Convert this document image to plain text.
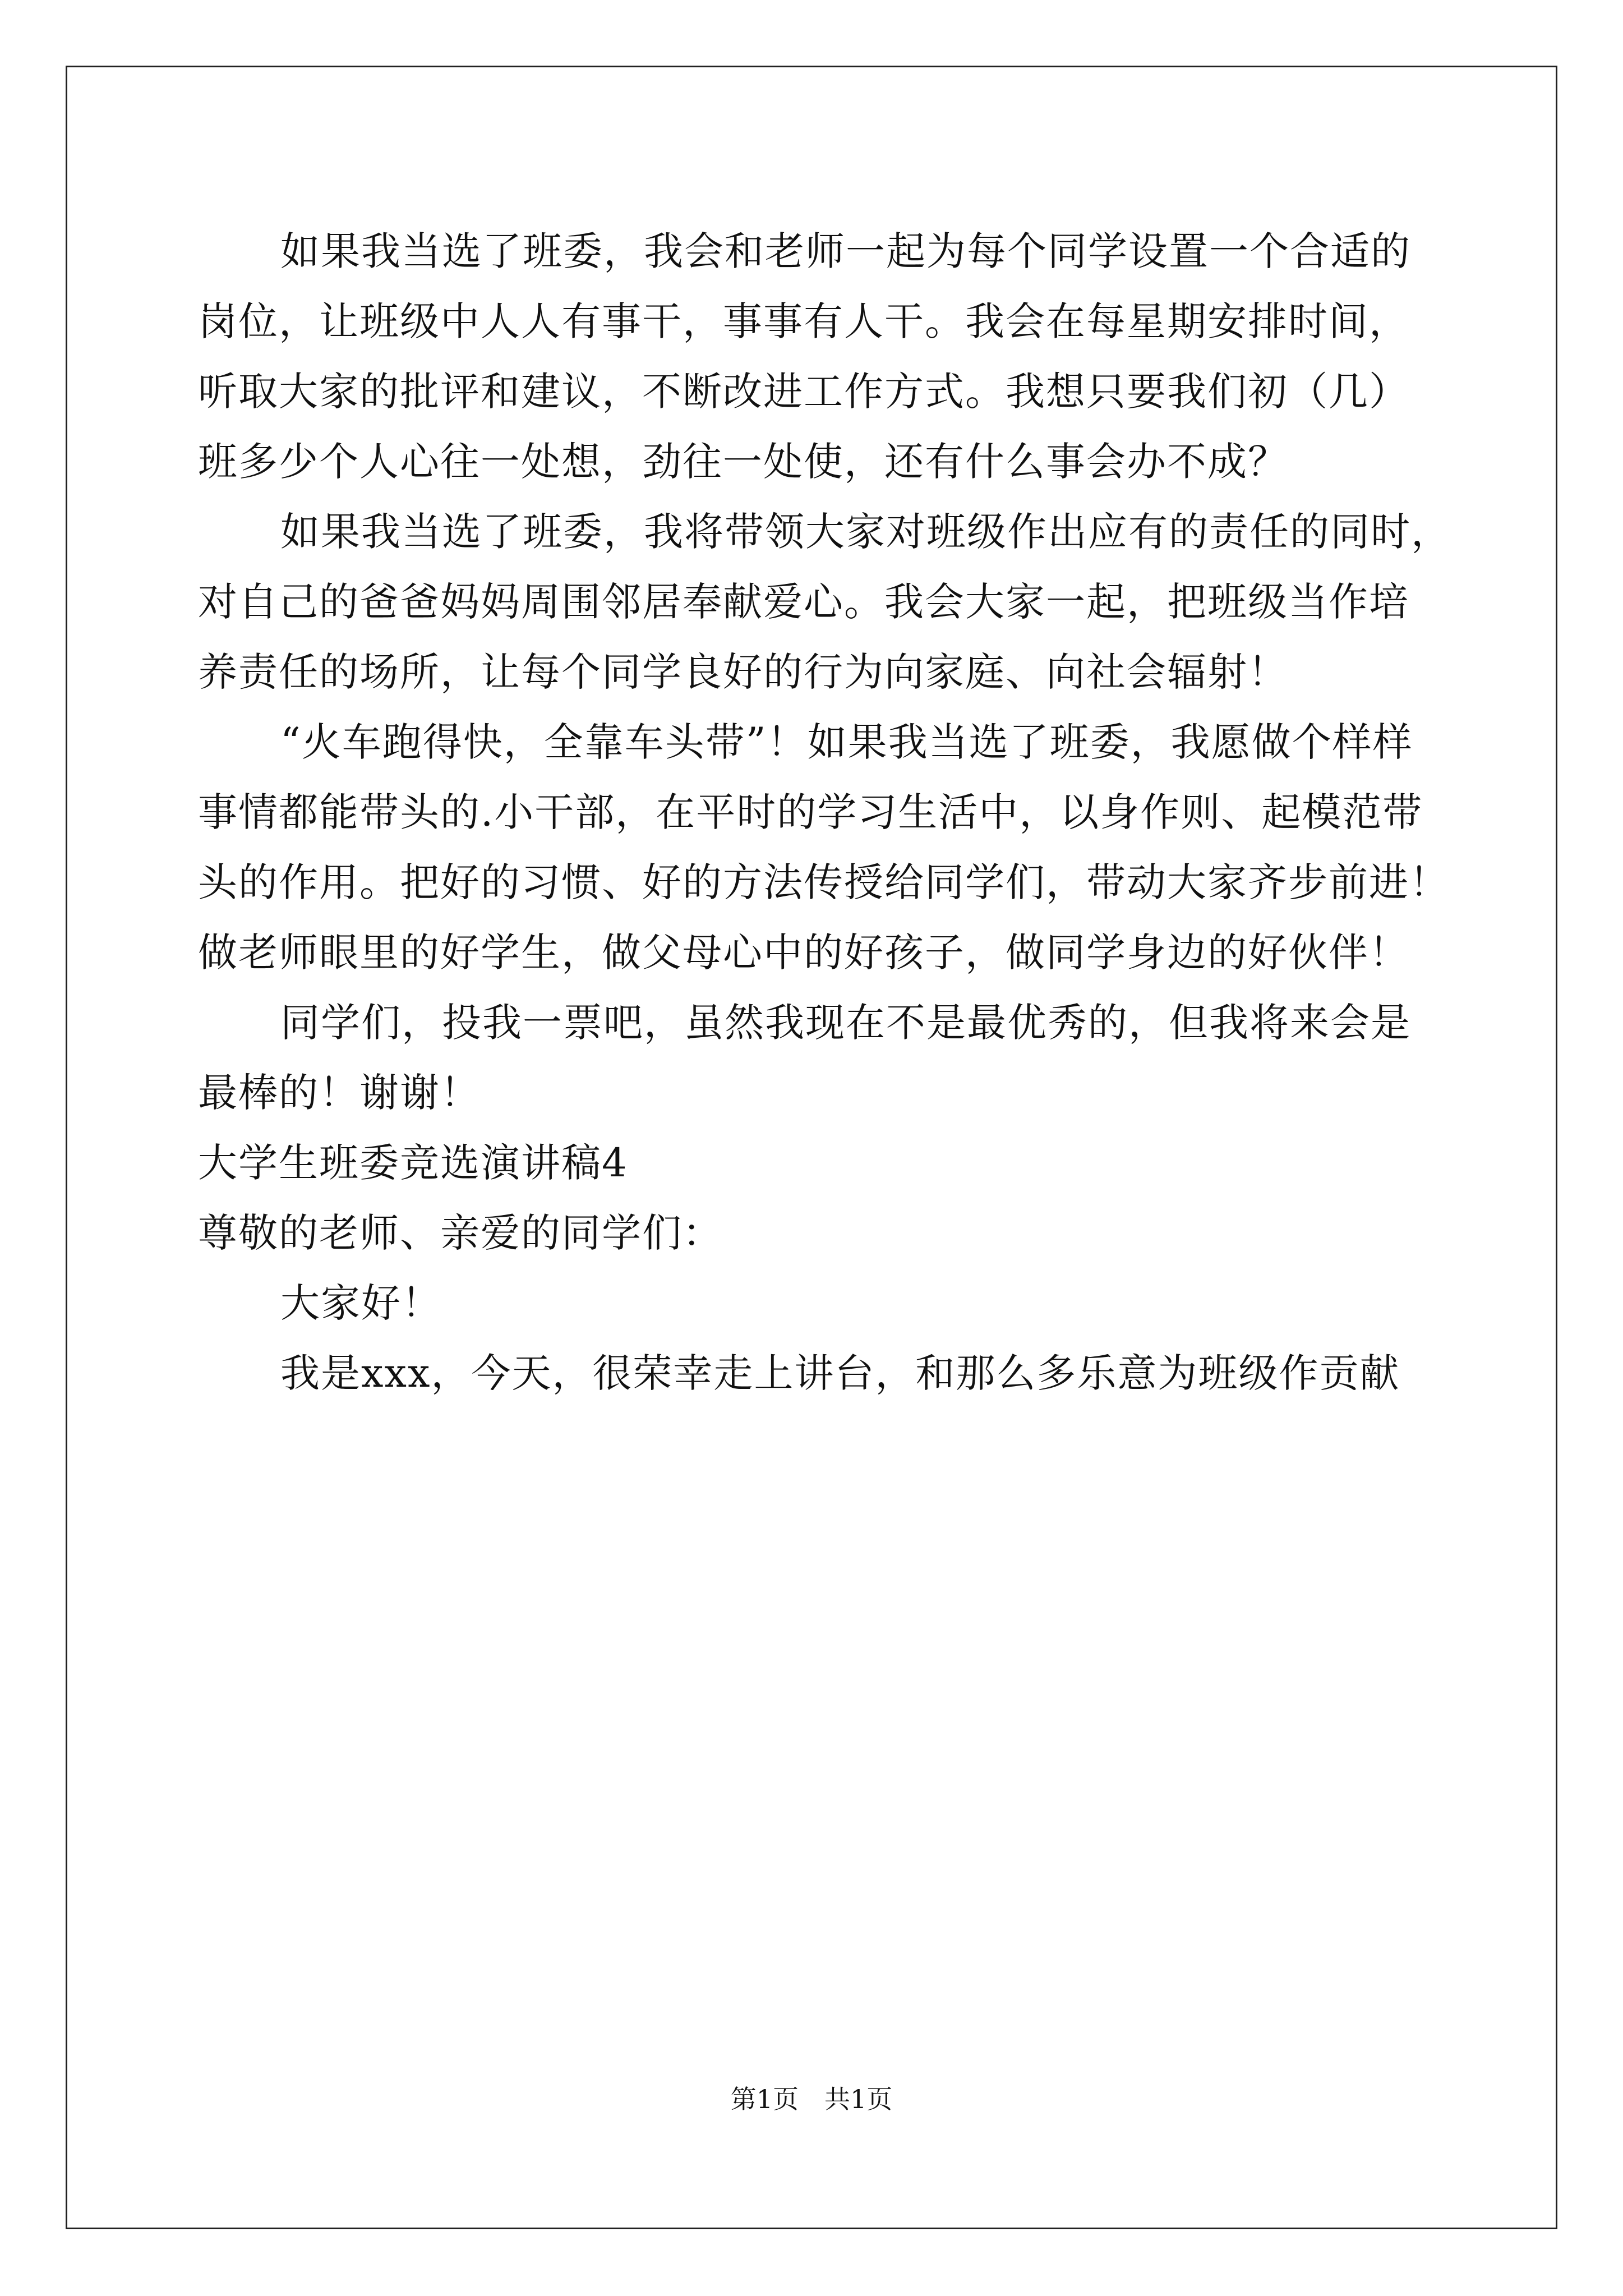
如果我当选了班委，我会和老师一起为每个同学设置一个合适的
岗位，让班级中人人有事干，事事有人干。我会在每星期安排时间，
听取大家的批评和建议，不断改进工作方式。我想只要我们初（几）
班多少个人心往一处想，劲往一处使，还有什么事会办不成？
如果我当选了班委，我将带领大家对班级作出应有的责任的同时，
对自己的爸爸妈妈周围邻居奉献爱心。我会大家一起，把班级当作培
养责任的场所，让每个同学良好的行为向家庭、向社会辐射！
“火车跑得快，全靠车头带”！如果我当选了班委，我愿做个样样
事情都能带头的.小干部，在平时的学习生活中，以身作则、起模范带
头的作用。把好的习惯、好的方法传授给同学们，带动大家齐步前进！
做老师眼里的好学生，做父母心中的好孩子，做同学身边的好伙伴！
同学们，投我一票吧，虽然我现在不是最优秀的，但我将来会是
最棒的！谢谢！
大学生班委竞选演讲稿4
尊敬的老师、亲爱的同学们：
大家好！
我是xxx，今天，很荣幸走上讲台，和那么多乐意为班级作贡献
第1页　共1页
